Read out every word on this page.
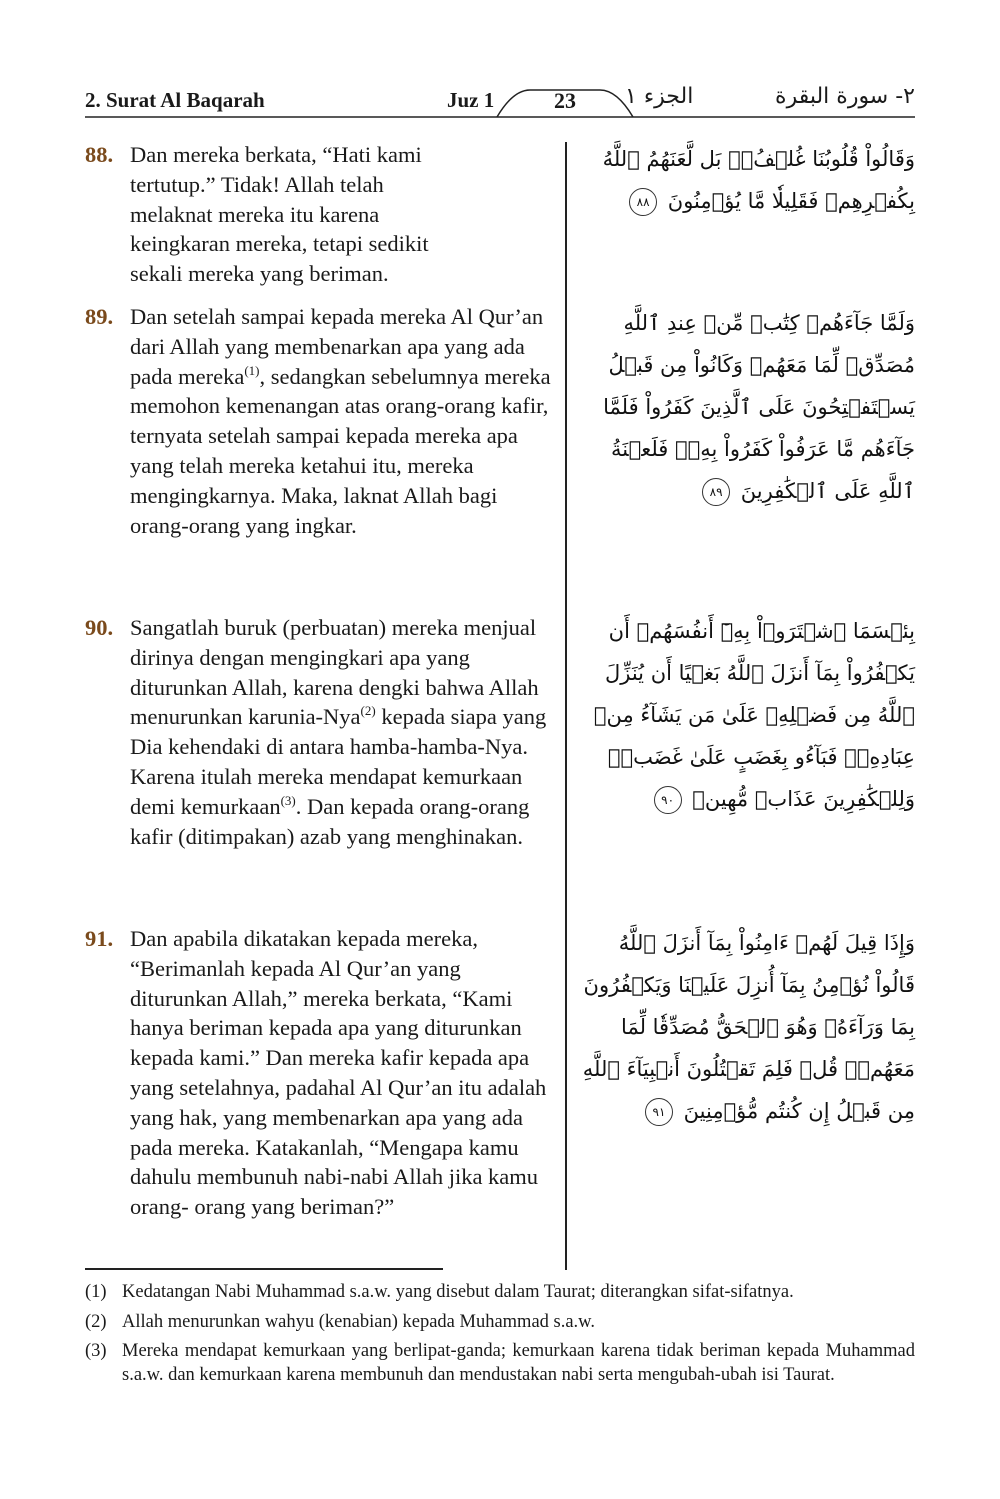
2. Surat Al Baqarah	Juz 1	23	الجزء ١	٢- سورة البقرة
88. Dan mereka berkata, “Hati kami tertutup.” Tidak! Allah telah melaknat mereka itu karena keingkaran mereka, tetapi sedikit sekali mereka yang beriman.
وَقَالُواْ قُلُوبُنَا غُلۡفُۢۚ بَل لَّعَنَهُمُ ٱللَّهُ بِكُفۡرِهِمۡ فَقَلِيلٗا مَّا يُؤۡمِنُونَ ٨٨
89. Dan setelah sampai kepada mereka Al Qur’an dari Allah yang membenarkan apa yang ada pada mereka$^{(1)}$, sedangkan sebelumnya mereka memohon kemenangan atas orang-orang kafir, ternyata setelah sampai kepada mereka apa yang telah mereka ketahui itu, mereka mengingkarnya. Maka, laknat Allah bagi orang-orang yang ingkar.
وَلَمَّا جَآءَهُمۡ كِتَٰبٞ مِّنۡ عِندِ ٱللَّهِ مُصَدِّقٞ لِّمَا مَعَهُمۡ وَكَانُواْ مِن قَبۡلُ يَسۡتَفۡتِحُونَ عَلَى ٱلَّذِينَ كَفَرُواْ فَلَمَّا جَآءَهُم مَّا عَرَفُواْ كَفَرُواْ بِهِۦۚ فَلَعۡنَةُ ٱللَّهِ عَلَى ٱلۡكَٰفِرِينَ ٨٩
90. Sangatlah buruk (perbuatan) mereka menjual dirinya dengan mengingkari apa yang diturunkan Allah, karena dengki bahwa Allah menurunkan karunia-Nya$^{(2)}$ kepada siapa yang Dia kehendaki di antara hamba-hamba-Nya. Karena itulah mereka mendapat kemurkaan demi kemurkaan$^{(3)}$. Dan kepada orang-orang kafir (ditimpakan) azab yang menghinakan.
بِئۡسَمَا ٱشۡتَرَوۡاْ بِهِۦٓ أَنفُسَهُمۡ أَن يَكۡفُرُواْ بِمَآ أَنزَلَ ٱللَّهُ بَغۡيًا أَن يُنَزِّلَ ٱللَّهُ مِن فَضۡلِهِۦ عَلَىٰ مَن يَشَآءُ مِنۡ عِبَادِهِۦۖ فَبَآءُو بِغَضَبٍ عَلَىٰ غَضَبٖۚ وَلِلۡكَٰفِرِينَ عَذَابٞ مُّهِينٞ ٩٠
91. Dan apabila dikatakan kepada mereka, “Berimanlah kepada Al Qur’an yang diturunkan Allah,” mereka berkata, “Kami hanya beriman kepada apa yang diturunkan kepada kami.” Dan mereka kafir kepada apa yang setelahnya, padahal Al Qur’an itu adalah yang hak, yang membenarkan apa yang ada pada mereka. Katakanlah, “Mengapa kamu dahulu membunuh nabi-nabi Allah jika kamu orang- orang yang beriman?”
وَإِذَا قِيلَ لَهُمۡ ءَامِنُواْ بِمَآ أَنزَلَ ٱللَّهُ قَالُواْ نُؤۡمِنُ بِمَآ أُنزِلَ عَلَيۡنَا وَيَكۡفُرُونَ بِمَا وَرَآءَهُۥ وَهُوَ ٱلۡحَقُّ مُصَدِّقٗا لِّمَا مَعَهُمۡۗ قُلۡ فَلِمَ تَقۡتُلُونَ أَنۢبِيَآءَ ٱللَّهِ مِن قَبۡلُ إِن كُنتُم مُّؤۡمِنِينَ ٩١
(1) Kedatangan Nabi Muhammad s.a.w. yang disebut dalam Taurat; diterangkan sifat-sifatnya.
(2) Allah menurunkan wahyu (kenabian) kepada Muhammad s.a.w.
(3) Mereka mendapat kemurkaan yang berlipat-ganda; kemurkaan karena tidak beriman kepada Muhammad s.a.w. dan kemurkaan karena membunuh dan mendustakan nabi serta mengubah-ubah isi Taurat.
